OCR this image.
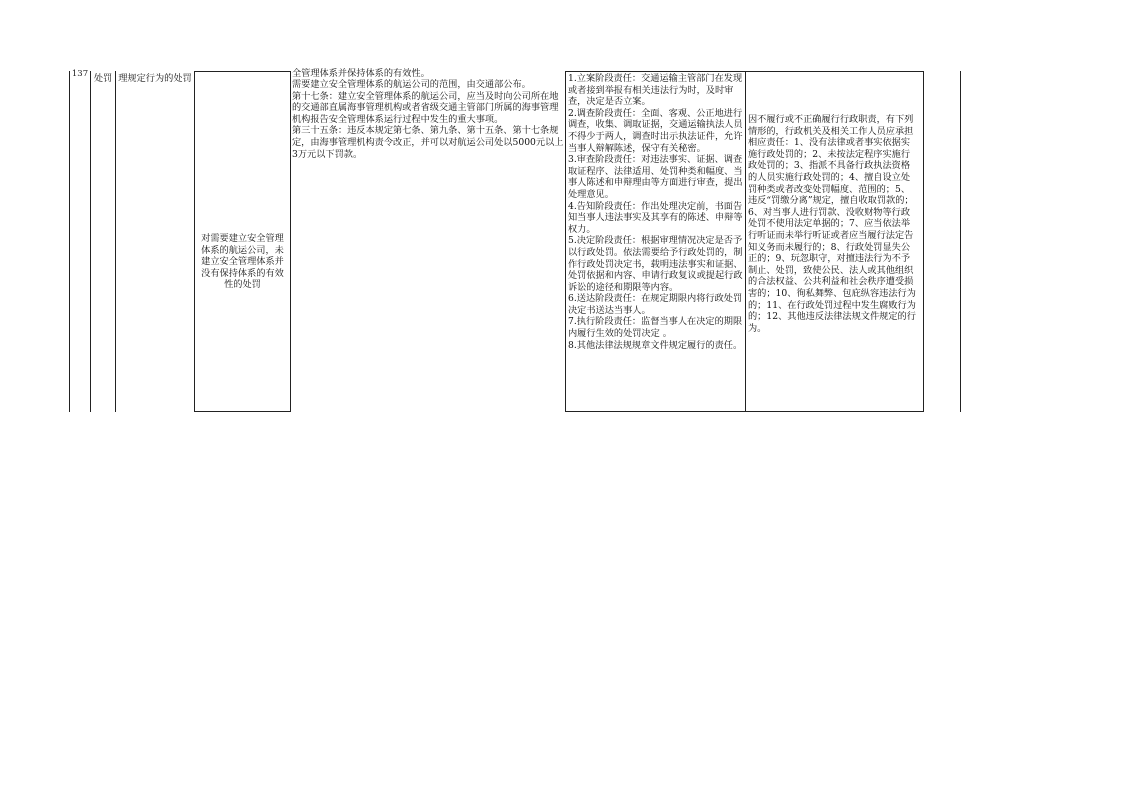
137 处罚 理规定行为的处罚
对需要建立安全管理体系的航运公司，未建立安全管理体系并没有保持体系的有效性的处罚
全管理体系并保持体系的有效性。
需要建立安全管理体系的航运公司的范围，由交通部公布。
第十七条：建立安全管理体系的航运公司，应当及时向公司所在地的交通部直属海事管理机构或者省级交通主管部门所属的海事管理机构报告安全管理体系运行过程中发生的重大事项。
第三十五条：违反本规定第七条、第九条、第十五条、第十七条规定，由海事管理机构责令改正，并可以对航运公司处以5000元以上3万元以下罚款。
1.立案阶段责任：交通运输主管部门在发现或者接到举报有相关违法行为时，及时审查，决定是否立案。
2.调查阶段责任：全面、客观、公正地进行调查，收集、调取证据，交通运输执法人员不得少于两人，调查时出示执法证件，允许当事人辩解陈述，保守有关秘密。
3.审查阶段责任：对违法事实、证据、调查取证程序、法律适用、处罚种类和幅度、当事人陈述和申辩理由等方面进行审查，提出处理意见。
4.告知阶段责任：作出处理决定前，书面告知当事人违法事实及其享有的陈述、申辩等权力。
5.决定阶段责任：根据审理情况决定是否予以行政处罚。依法需要给予行政处罚的，制作行政处罚决定书，载明违法事实和证据、处罚依据和内容、申请行政复议或提起行政诉讼的途径和期限等内容。
6.送达阶段责任：在规定期限内将行政处罚决定书送达当事人。
7.执行阶段责任：监督当事人在决定的期限内履行生效的处罚决定 。
8.其他法律法规规章文件规定履行的责任。
因不履行或不正确履行行政职责，有下列情形的，行政机关及相关工作人员应承担相应责任：1、没有法律或者事实依据实施行政处罚的；2、未按法定程序实施行政处罚的；3、指派不具备行政执法资格的人员实施行政处罚的；4、擅自设立处罚种类或者改变处罚幅度、范围的；5、违反“罚缴分离”规定，擅自收取罚款的；6、对当事人进行罚款、没收财物等行政处罚不使用法定单据的；7、应当依法举行听证而未举行听证或者应当履行法定告知义务而未履行的；8、行政处罚显失公正的；9、玩忽职守，对擅违法行为不予制止、处罚，致使公民、法人或其他组织的合法权益、公共利益和社会秩序遭受损害的；10、徇私舞弊、包庇纵容违法行为的；11、在行政处罚过程中发生腐败行为的；12、其他违反法律法规文件规定的行为。
